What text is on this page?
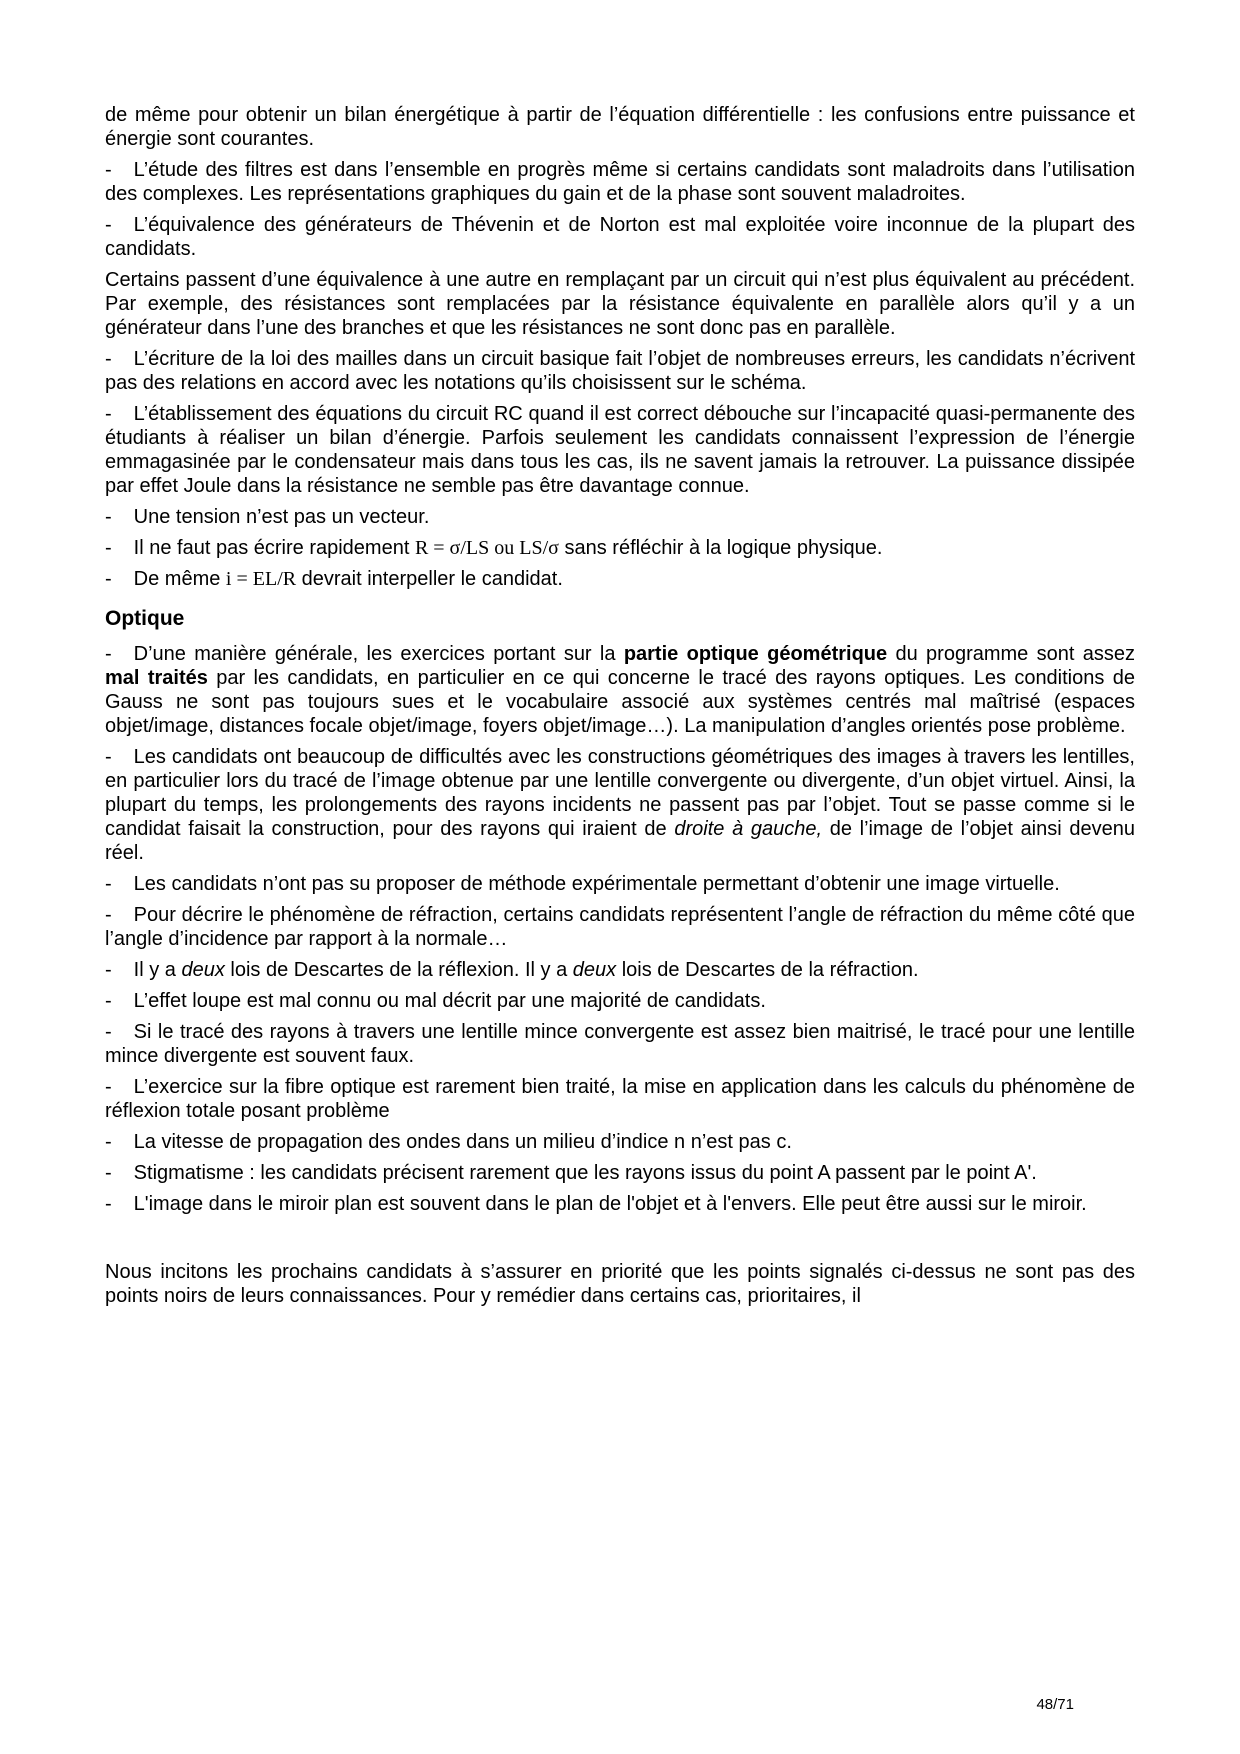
de même pour obtenir un bilan énergétique à partir de l’équation différentielle : les confusions entre puissance et énergie sont courantes.

- L’étude des filtres est dans l’ensemble en progrès même si certains candidats sont maladroits dans l’utilisation des complexes. Les représentations graphiques du gain et de la phase sont souvent maladroites.

- L’équivalence des générateurs de Thévenin et de Norton est mal exploitée voire inconnue de la plupart des candidats.

Certains passent d’une équivalence à une autre en remplaçant par un circuit qui n’est plus équivalent au précédent. Par exemple, des résistances sont remplacées par la résistance équivalente en parallèle alors qu’il y a un générateur dans l’une des branches et que les résistances ne sont donc pas en parallèle.

- L’écriture de la loi des mailles dans un circuit basique fait l’objet de nombreuses erreurs, les candidats n’écrivent pas des relations en accord avec les notations qu’ils choisissent sur le schéma.

- L’établissement des équations du circuit RC quand il est correct débouche sur l’incapacité quasi-permanente des étudiants à réaliser un bilan d’énergie. Parfois seulement les candidats connaissent l’expression de l’énergie emmagasinée par le condensateur mais dans tous les cas, ils ne savent jamais la retrouver. La puissance dissipée par effet Joule dans la résistance ne semble pas être davantage connue.

- Une tension n’est pas un vecteur.

- Il ne faut pas écrire rapidement R = σ/LS ou LS/σ sans réfléchir à la logique physique.

- De même i = EL/R devrait interpeller le candidat.

Optique

- D’une manière générale, les exercices portant sur la partie optique géométrique du programme sont assez mal traités par les candidats, en particulier en ce qui concerne le tracé des rayons optiques. Les conditions de Gauss ne sont pas toujours sues et le vocabulaire associé aux systèmes centrés mal maîtrisé (espaces objet/image, distances focale objet/image, foyers objet/image…). La manipulation d’angles orientés pose problème.

- Les candidats ont beaucoup de difficultés avec les constructions géométriques des images à travers les lentilles, en particulier lors du tracé de l’image obtenue par une lentille convergente ou divergente, d’un objet virtuel. Ainsi, la plupart du temps, les prolongements des rayons incidents ne passent pas par l’objet. Tout se passe comme si le candidat faisait la construction, pour des rayons qui iraient de droite à gauche, de l’image de l’objet ainsi devenu réel.

- Les candidats n’ont pas su proposer de méthode expérimentale permettant d’obtenir une image virtuelle.

- Pour décrire le phénomène de réfraction, certains candidats représentent l’angle de réfraction du même côté que l’angle d’incidence par rapport à la normale…

- Il y a deux lois de Descartes de la réflexion. Il y a deux lois de Descartes de la réfraction.

- L’effet loupe est mal connu ou mal décrit par une majorité de candidats.

- Si le tracé des rayons à travers une lentille mince convergente est assez bien maitrisé, le tracé pour une lentille mince divergente est souvent faux.

- L’exercice sur la fibre optique est rarement bien traité, la mise en application dans les calculs du phénomène de réflexion totale posant problème

- La vitesse de propagation des ondes dans un milieu d’indice n n’est pas c.

- Stigmatisme : les candidats précisent rarement que les rayons issus du point A passent par le point A'.

- L'image dans le miroir plan est souvent dans le plan de l'objet et à l'envers. Elle peut être aussi sur le miroir.

Nous incitons les prochains candidats à s’assurer en priorité que les points signalés ci-dessus ne sont pas des points noirs de leurs connaissances. Pour y remédier dans certains cas, prioritaires, il

48/71
